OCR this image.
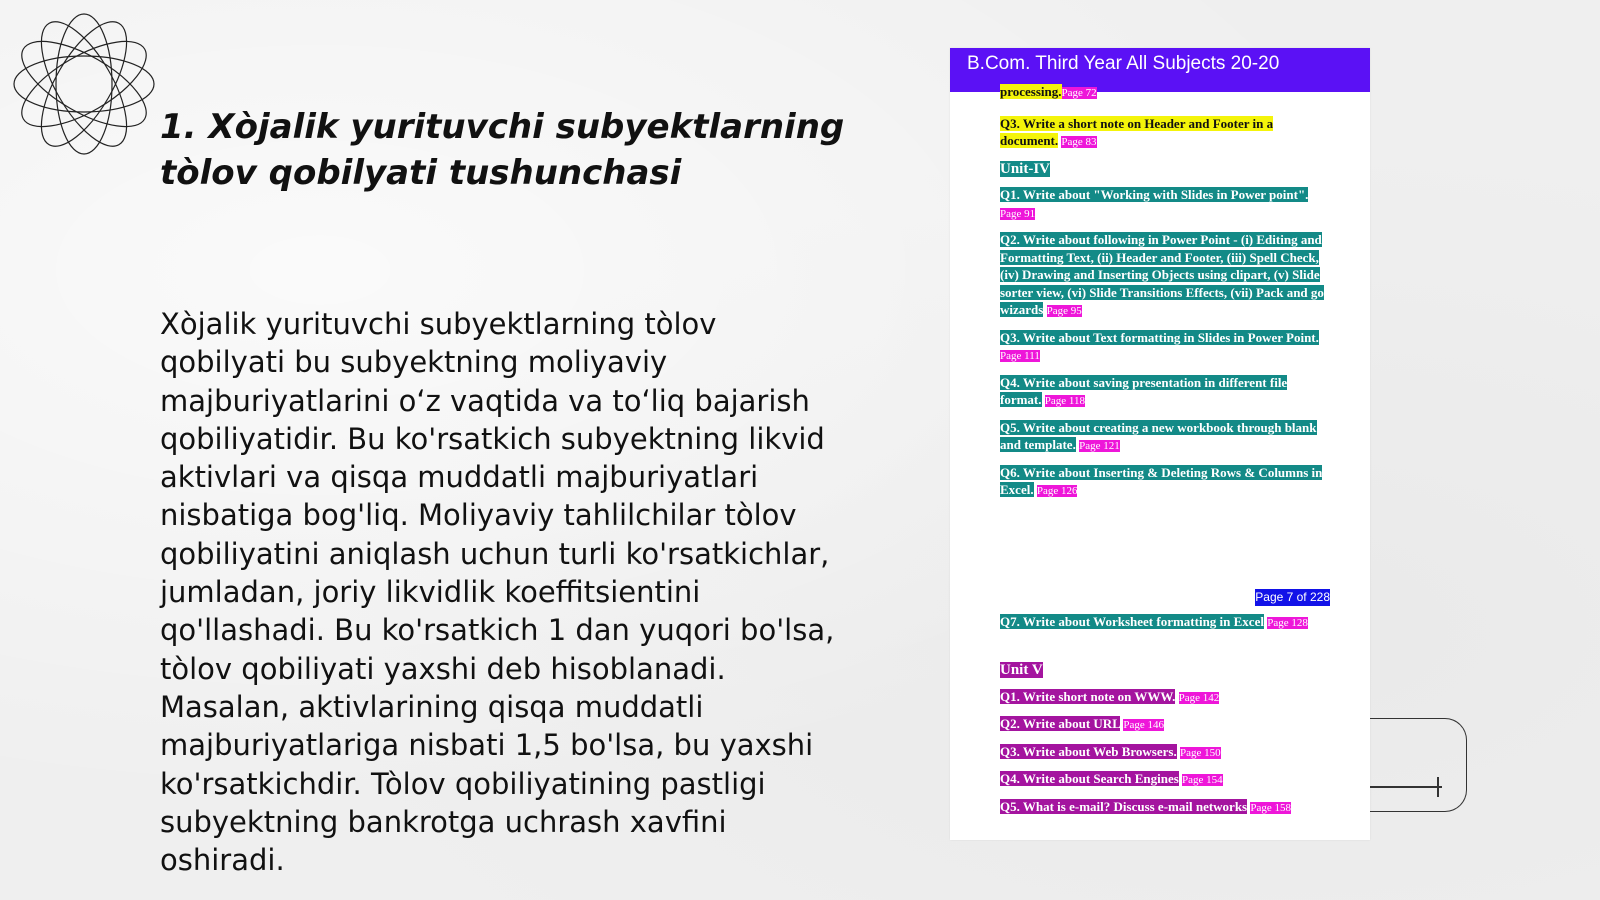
1. Xòjalik yurituvchi subyektlarning
tòlov qobilyati tushunchasi

Xòjalik yurituvchi subyektlarning tòlov qobilyati bu subyektning moliyaviy majburiyatlarini o‘z vaqtida va to‘liq bajarish qobiliyatidir. Bu ko'rsatkich subyektning likvid aktivlari va qisqa muddatli majburiyatlari nisbatiga bog'liq. Moliyaviy tahlilchilar tòlov qobiliyatini aniqlash uchun turli ko'rsatkichlar, jumladan, joriy likvidlik koeffitsientini qo'llashadi. Bu ko'rsatkich 1 dan yuqori bo'lsa, tòlov qobiliyati yaxshi deb hisoblanadi. Masalan, aktivlarining qisqa muddatli majburiyatlariga nisbati 1,5 bo'lsa, bu yaxshi ko'rsatkichdir. Tòlov qobiliyatining pastligi subyektning bankrotga uchrash xavfini oshiradi.

B.Com. Third Year All Subjects 20-20

processing.Page 72

Q3. Write a short note on Header and Footer in a document. Page 83

Unit-IV

Q1. Write about "Working with Slides in Power point". Page 91

Q2. Write about following in Power Point - (i) Editing and Formatting Text, (ii) Header and Footer, (iii) Spell Check, (iv) Drawing and Inserting Objects using clipart, (v) Slide sorter view, (vi) Slide Transitions Effects, (vii) Pack and go wizards Page 95

Q3. Write about Text formatting in Slides in Power Point. Page 111

Q4. Write about saving presentation in different file format. Page 118

Q5. Write about creating a new workbook through blank and template. Page 121

Q6. Write about Inserting & Deleting Rows & Columns in Excel. Page 126

Page 7 of 228

Q7. Write about Worksheet formatting in Excel Page 128

Unit V

Q1. Write short note on WWW. Page 142

Q2. Write about URL Page 146

Q3. Write about Web Browsers. Page 150

Q4. Write about Search Engines Page 154

Q5. What is e-mail? Discuss e-mail networks Page 158
